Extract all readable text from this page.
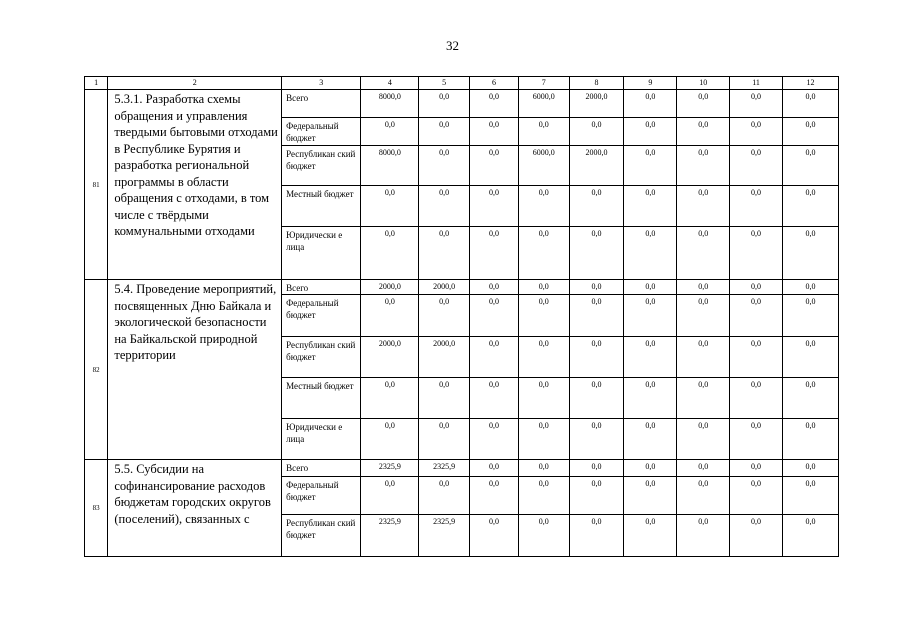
32
1	2	3	4	5	6	7	8	9	10	11	12
81	5.3.1. Разработка схемы обращения и управления твердыми бытовыми отходами в Республике Бурятия и разработка региональной программы в области обращения с отходами, в том числе с твёрдыми коммунальными отходами	Всего	8000,0	0,0	0,0	6000,0	2000,0	0,0	0,0	0,0	0,0
		Федеральный бюджет	0,0	0,0	0,0	0,0	0,0	0,0	0,0	0,0	0,0
		Республикан ский бюджет	8000,0	0,0	0,0	6000,0	2000,0	0,0	0,0	0,0	0,0
		Местный бюджет	0,0	0,0	0,0	0,0	0,0	0,0	0,0	0,0	0,0
		Юридически е лица	0,0	0,0	0,0	0,0	0,0	0,0	0,0	0,0	0,0
82	5.4. Проведение мероприятий, посвященных Дню Байкала и экологической безопасности на Байкальской природной территории	Всего	2000,0	2000,0	0,0	0,0	0,0	0,0	0,0	0,0	0,0
		Федеральный бюджет	0,0	0,0	0,0	0,0	0,0	0,0	0,0	0,0	0,0
		Республикан ский бюджет	2000,0	2000,0	0,0	0,0	0,0	0,0	0,0	0,0	0,0
		Местный бюджет	0,0	0,0	0,0	0,0	0,0	0,0	0,0	0,0	0,0
		Юридически е лица	0,0	0,0	0,0	0,0	0,0	0,0	0,0	0,0	0,0
83	5.5. Субсидии на софинансирование расходов бюджетам городских округов (поселений), связанных с	Всего	2325,9	2325,9	0,0	0,0	0,0	0,0	0,0	0,0	0,0
		Федеральный бюджет	0,0	0,0	0,0	0,0	0,0	0,0	0,0	0,0	0,0
		Республикан ский бюджет	2325,9	2325,9	0,0	0,0	0,0	0,0	0,0	0,0	0,0
